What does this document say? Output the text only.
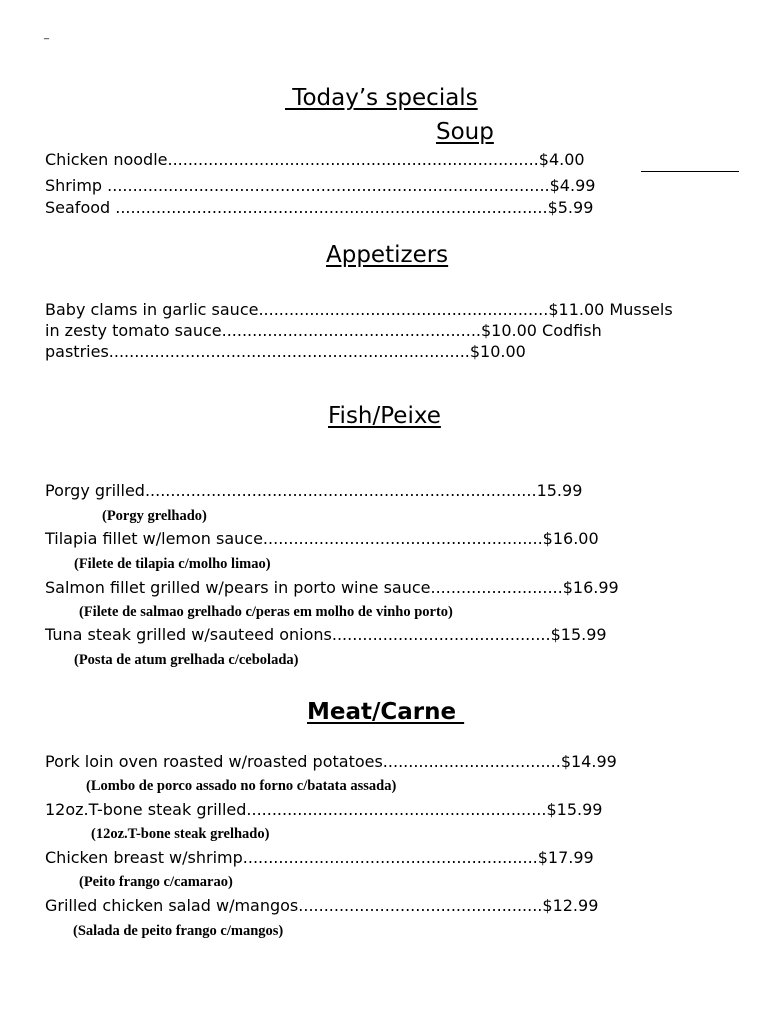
_
Today’s specials
Soup
Chicken noodle.........................................................................$4.00
Shrimp .......................................................................................$4.99
Seafood .....................................................................................$5.99
Appetizers
Baby clams in garlic sauce.........................................................$11.00 Mussels
in zesty tomato sauce...................................................$10.00 Codfish
pastries.......................................................................$10.00
Fish/Peixe
Porgy grilled.............................................................................15.99
(Porgy grelhado)
Tilapia fillet w/lemon sauce.......................................................$16.00
(Filete de tilapia c/molho limao)
Salmon fillet grilled w/pears in porto wine sauce..........................$16.99
(Filete de salmao grelhado c/peras em molho de vinho porto)
Tuna steak grilled w/sauteed onions...........................................$15.99
(Posta de atum grelhada c/cebolada)
Meat/Carne
Pork loin oven roasted w/roasted potatoes...................................$14.99
(Lombo de porco assado no forno c/batata assada)
12oz.T-bone steak grilled...........................................................$15.99
(12oz.T-bone steak grelhado)
Chicken breast w/shrimp..........................................................$17.99
(Peito frango c/camarao)
Grilled chicken salad w/mangos................................................$12.99
(Salada de peito frango c/mangos)
